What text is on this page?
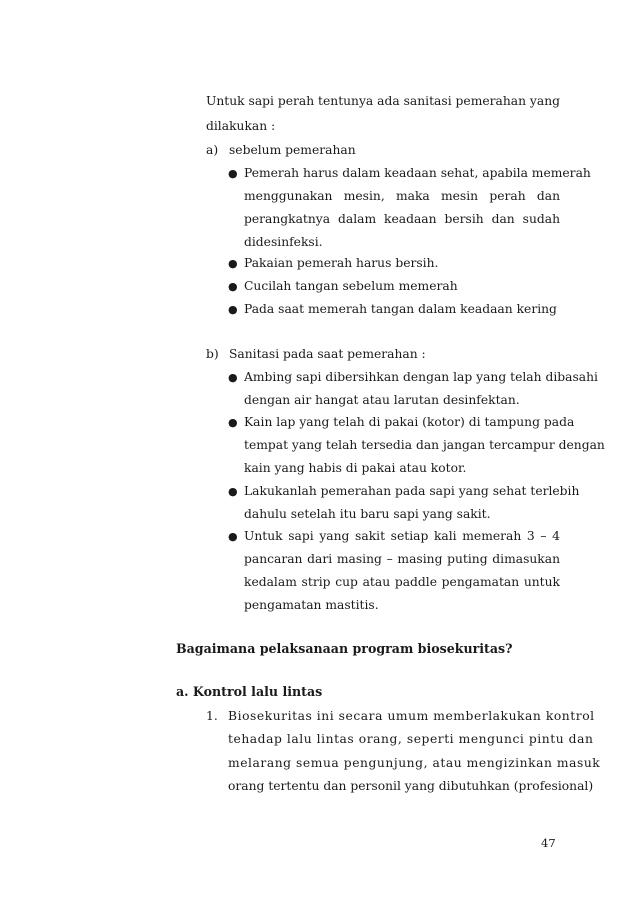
Untuk sapi perah tentunya ada sanitasi pemerahan yang
dilakukan :
a) sebelum pemerahan
● Pemerah harus dalam keadaan sehat, apabila memerah
menggunakan mesin, maka mesin perah dan
perangkatnya dalam keadaan bersih dan sudah
didesinfeksi.
● Pakaian pemerah harus bersih.
● Cucilah tangan sebelum memerah
● Pada saat memerah tangan dalam keadaan kering
b) Sanitasi pada saat pemerahan :
● Ambing sapi dibersihkan dengan lap yang telah dibasahi
dengan air hangat atau larutan desinfektan.
● Kain lap yang telah di pakai (kotor) di tampung pada
tempat yang telah tersedia dan jangan tercampur dengan
kain yang habis di pakai atau kotor.
● Lakukanlah pemerahan pada sapi yang sehat terlebih
dahulu setelah itu baru sapi yang sakit.
● Untuk sapi yang sakit setiap kali memerah 3 – 4
pancaran dari masing – masing puting dimasukan
kedalam strip cup atau paddle pengamatan untuk
pengamatan mastitis.
Bagaimana pelaksanaan program biosekuritas?
a. Kontrol lalu lintas
1. Biosekuritas ini secara umum memberlakukan kontrol
tehadap lalu lintas orang, seperti mengunci pintu dan
melarang semua pengunjung, atau mengizinkan masuk
orang tertentu dan personil yang dibutuhkan (profesional)
47
